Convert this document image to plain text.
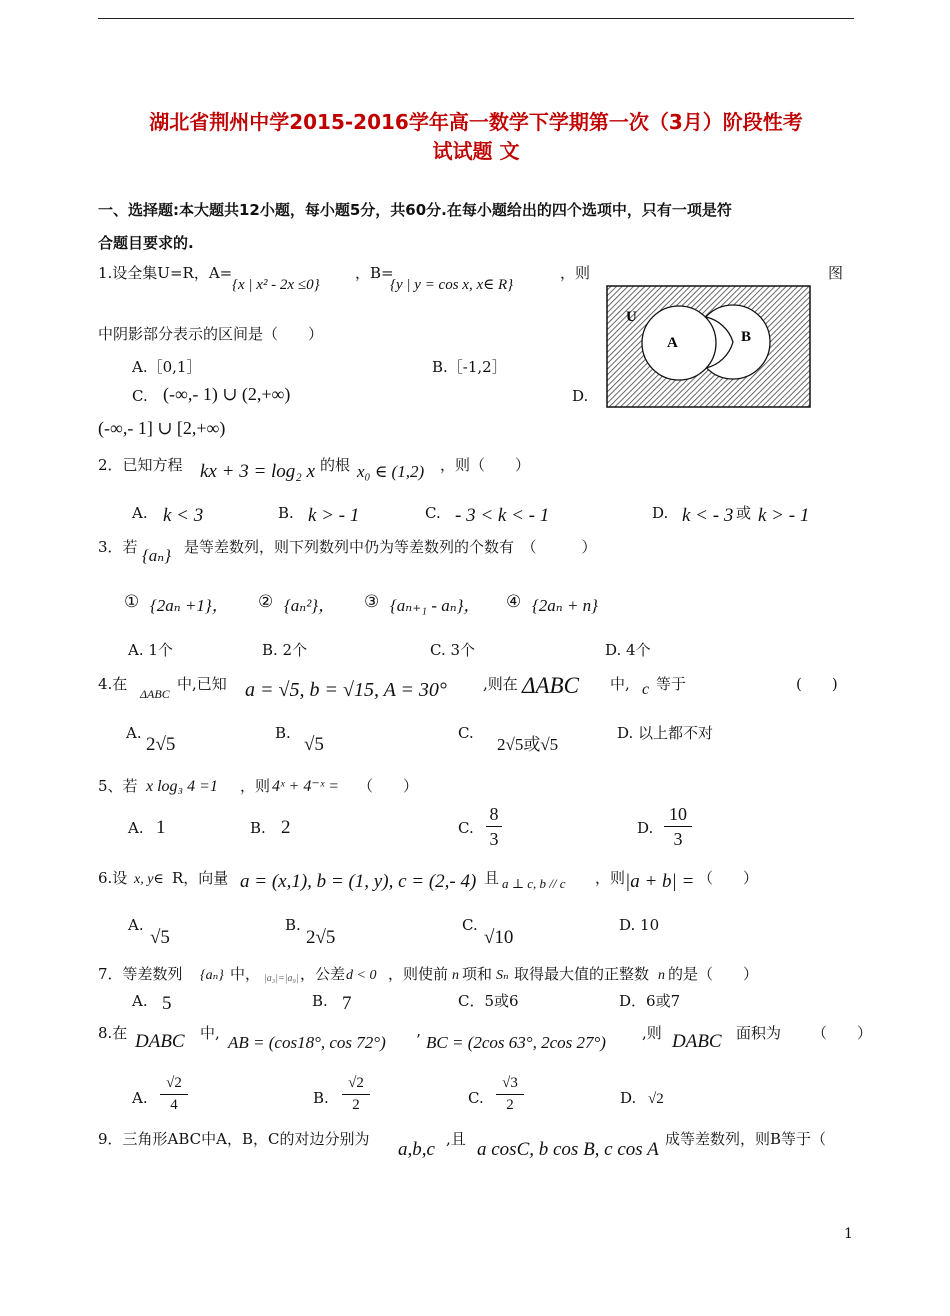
湖北省荆州中学2015-2016学年高一数学下学期第一次（3月）阶段性考
试试题 文
一、选择题:本大题共12小题，每小题5分，共60分.在每小题给出的四个选项中，只有一项是符
合题目要求的.
1.设全集U=R，A=
{x | x² - 2x ≤0}
，B=
{y | y = cos x, x∈ R}
，则	图
中阴影部分表示的区间是（　　）
A.［0,1］	B.［-1,2］
C. (-∞,- 1) ∪ (2,+∞)	D.
(-∞,- 1] ∪ [2,+∞)
U
A	B
2．已知方程 kx + 3 = log₂ x 的根 x₀ ∈ (1,2) ，则（　　）
A. k < 3	B. k > - 1	C. - 3 < k < - 1	D. k < - 3 或 k > - 1
3．若 {aₙ} 是等差数列，则下列数列中仍为等差数列的个数有　（　　　）
① {2aₙ +1}， ② {aₙ²}， ③ {aₙ₊₁ - aₙ}， ④ {2aₙ + n}
A. 1个	B. 2个	C. 3个	D. 4个
4.在
ΔABC
中,已知 a = √5, b = √15, A = 30° ,则在 ΔABC 中, c 等于	(　　)
A.
2√5
B.
√5
C.
2√5或√5
D. 以上都不对
5、若 x log₃ 4 =1 ，则 4ˣ + 4⁻ˣ = （　　）
A. 1	B. 2	C.
8
3
D.
10
3
6.设 x, y∈ R，向量 a = (x,1), b = (1, y), c = (2,- 4) 且 a ⊥ c, b // c ，则 |a + b| = （　　）
A.
√5
B.
2√5
C.
√10
D. 10
7．等差数列 {aₙ} 中， |a₃|=|a₉| ，公差 d < 0 ，则使前 n 项和 Sₙ 取得最大值的正整数 n 的是（　　）
A. 5	B. 7	C．5或6	D．6或7
8.在 DABC 中, AB = (cos18°, cos 72°) ’ BC = (2cos 63°, 2cos 27°) ,则 DABC 面积为 （　　）
A.
√2
4	B.
√2
2	C.
√3
2	D. √2
9．三角形ABC中A，B，C的对边分别为 a,b,c ,且 a cosC, b cos B, c cos A 成等差数列，则B等于（
1
